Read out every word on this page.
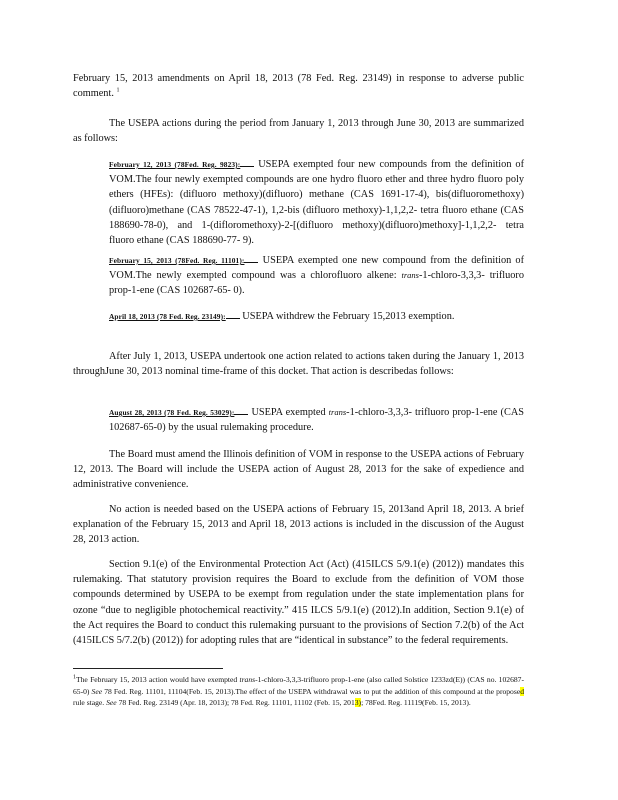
February 15, 2013 amendments on April 18, 2013 (78 Fed. Reg. 23149) in response to adverse public comment. $^1$

The USEPA actions during the period from January 1, 2013 through June 30, 2013 are summarized as follows:

February 12, 2013 (78Fed. Reg. 9823): USEPA exempted four new compounds from the definition of VOM.The four newly exempted compounds are one hydro fluoro ether and three hydro fluoro poly ethers (HFEs): (difluoro methoxy)(difluoro) methane (CAS 1691-17-4), bis(difluoromethoxy)(difluoro)methane (CAS 78522-47-1), 1,2-bis (difluoro methoxy)-1,1,2,2- tetra fluoro ethane (CAS 188690-78-0), and 1-(difloromethoxy)-2-[(difluoro methoxy)(difluoro)methoxy]-1,1,2,2- tetra fluoro ethane (CAS 188690-77- 9).

February 15, 2013 (78Fed. Reg. 11101): USEPA exempted one new compound from the definition of VOM.The newly exempted compound was a chlorofluoro alkene: trans-1-chloro-3,3,3- trifluoro prop-1-ene (CAS 102687-65- 0).

April 18, 2013 (78 Fed. Reg. 23149): USEPA withdrew the February 15,2013 exemption.

After July 1, 2013, USEPA undertook one action related to actions taken during the January 1, 2013 throughJune 30, 2013 nominal time-frame of this docket. That action is describedas follows:

August 28, 2013 (78 Fed. Reg. 53029): USEPA exempted trans-1-chloro-3,3,3- trifluoro prop-1-ene (CAS 102687-65-0) by the usual rulemaking procedure.

The Board must amend the Illinois definition of VOM in response to the USEPA actions of February 12, 2013. The Board will include the USEPA action of August 28, 2013 for the sake of expedience and administrative convenience.

No action is needed based on the USEPA actions of February 15, 2013and April 18, 2013. A brief explanation of the February 15, 2013 and April 18, 2013 actions is included in the discussion of the August 28, 2013 action.

Section 9.1(e) of the Environmental Protection Act (Act) (415ILCS 5/9.1(e) (2012)) mandates this rulemaking. That statutory provision requires the Board to exclude from the definition of VOM those compounds determined by USEPA to be exempt from regulation under the state implementation plans for ozone “due to negligible photochemical reactivity.” 415 ILCS 5/9.1(e) (2012).In addition, Section 9.1(e) of the Act requires the Board to conduct this rulemaking pursuant to the provisions of Section 7.2(b) of the Act (415ILCS 5/7.2(b) (2012)) for adopting rules that are “identical in substance” to the federal requirements.

$^1$The February 15, 2013 action would have exempted trans-1-chloro-3,3,3-trifluoro prop-1-ene (also called Solstice 1233zd(E)) (CAS no. 102687-65-0) See 78 Fed. Reg. 11101, 11104(Feb. 15, 2013).The effect of the USEPA withdrawal was to put the addition of this compound at the proposed rule stage. See 78 Fed. Reg. 23149 (Apr. 18, 2013); 78 Fed. Reg. 11101, 11102 (Feb. 15, 2013); 78Fed. Reg. 11119(Feb. 15, 2013).
